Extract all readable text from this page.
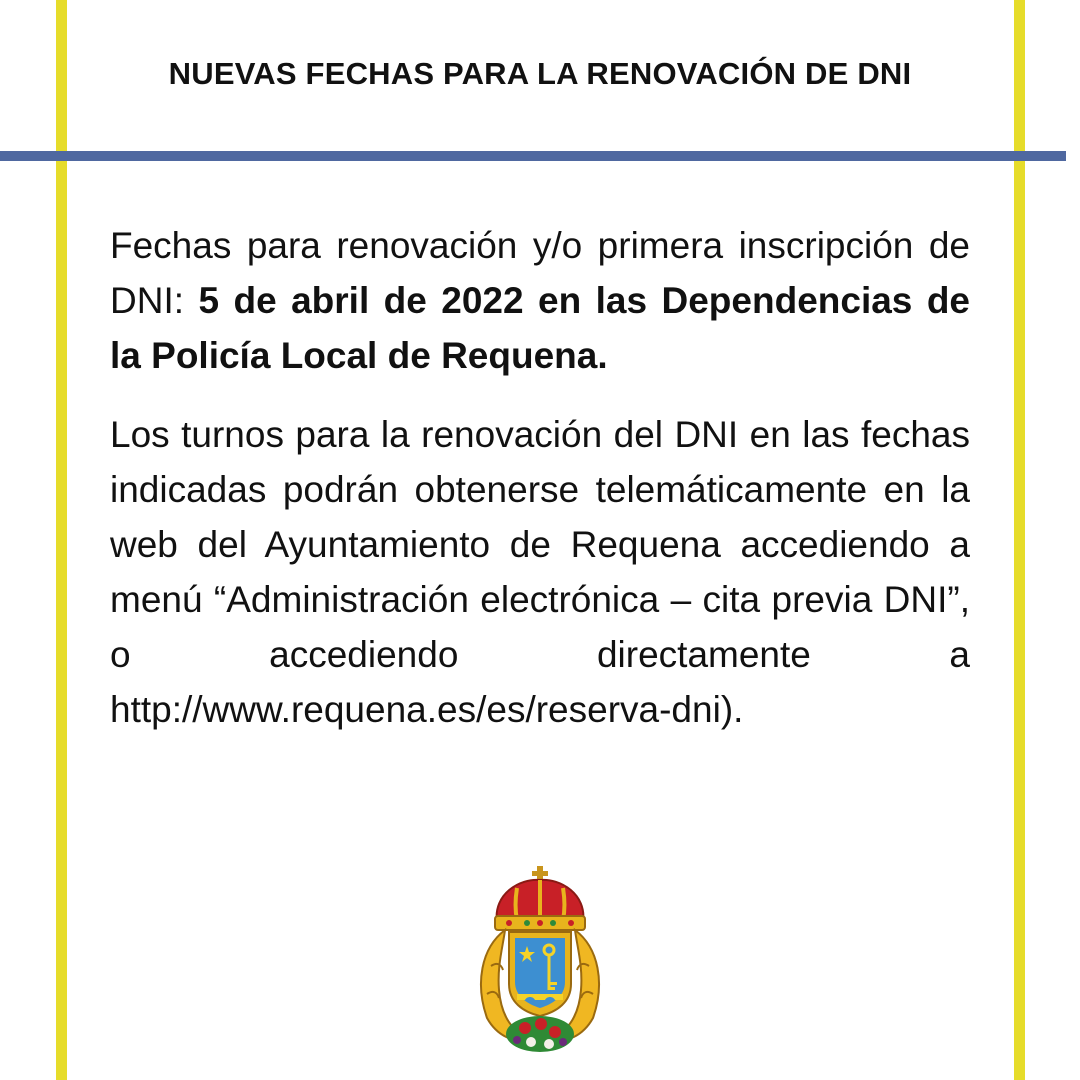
NUEVAS FECHAS PARA LA RENOVACIÓN DE DNI

Fechas para renovación y/o primera inscripción de DNI: 5 de abril de 2022 en las Dependencias de la Policía Local de Requena.

Los turnos para la renovación del DNI en las fechas indicadas podrán obtenerse telemáticamente en la web del Ayuntamiento de Requena accediendo a menú “Administración electrónica – cita previa DNI”, o accediendo directamente a http://www.requena.es/es/reserva-dni).
